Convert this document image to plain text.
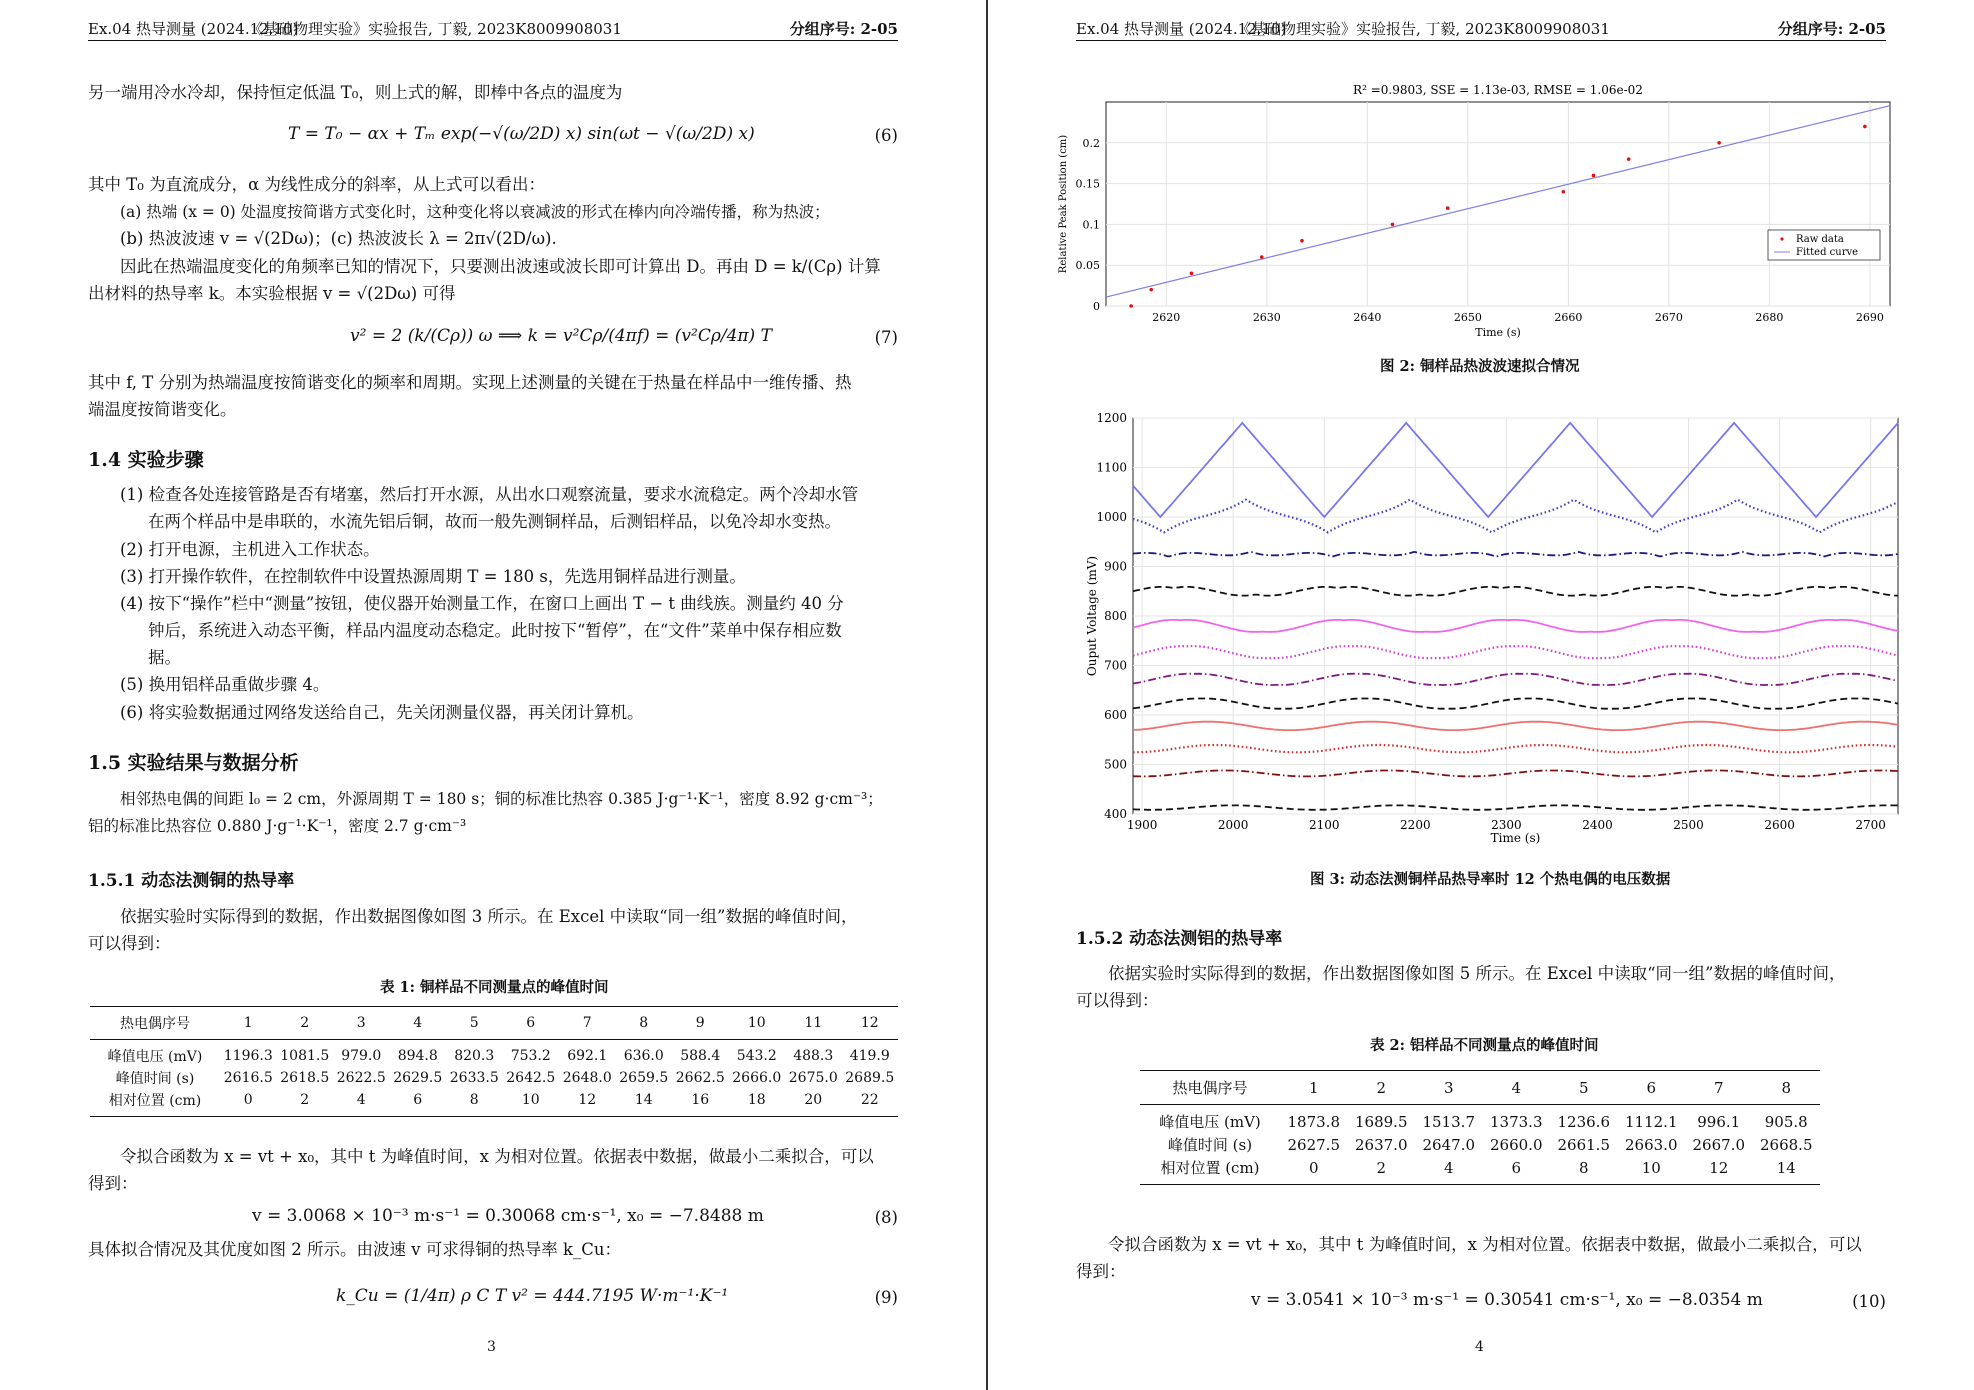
Ex.04 热导测量 (2024.12.10)
《基础物理实验》实验报告, 丁毅, 2023K8009908031	分组序号: 2-05
另一端用冷水冷却，保持恒定低温 T₀，则上式的解，即棒中各点的温度为
T = T₀ − αx + Tₘ exp(−√(ω/2D) x) sin(ωt − √(ω/2D) x)	(6)
其中 T₀ 为直流成分，α 为线性成分的斜率，从上式可以看出：
(a) 热端 (x = 0) 处温度按简谐方式变化时，这种变化将以衰减波的形式在棒内向冷端传播，称为热波；
(b) 热波波速 v = √(2Dω)；(c) 热波波长 λ = 2π√(2D/ω).
因此在热端温度变化的角频率已知的情况下，只要测出波速或波长即可计算出 D。再由 D = k/(Cρ) 计算
出材料的热导率 k。本实验根据 v = √(2Dω) 可得
v² = 2 (k/(Cρ)) ω ⟹ k = v²Cρ/(4πf) = (v²Cρ/4π) T	(7)
其中 f, T 分别为热端温度按简谐变化的频率和周期。实现上述测量的关键在于热量在样品中一维传播、热
端温度按简谐变化。
1.4 实验步骤
(1) 检查各处连接管路是否有堵塞，然后打开水源，从出水口观察流量，要求水流稳定。两个冷却水管
在两个样品中是串联的，水流先铝后铜，故而一般先测铜样品，后测铝样品，以免冷却水变热。
(2) 打开电源，主机进入工作状态。
(3) 打开操作软件，在控制软件中设置热源周期 T = 180 s，先选用铜样品进行测量。
(4) 按下“操作”栏中“测量”按钮，使仪器开始测量工作，在窗口上画出 T − t 曲线族。测量约 40 分
钟后，系统进入动态平衡，样品内温度动态稳定。此时按下“暂停”，在“文件”菜单中保存相应数
据。
(5) 换用铝样品重做步骤 4。
(6) 将实验数据通过网络发送给自己，先关闭测量仪器，再关闭计算机。
1.5 实验结果与数据分析
相邻热电偶的间距 l₀ = 2 cm，外源周期 T = 180 s；铜的标准比热容 0.385 J·g⁻¹·K⁻¹，密度 8.92 g·cm⁻³；
铝的标准比热容位 0.880 J·g⁻¹·K⁻¹，密度 2.7 g·cm⁻³
1.5.1 动态法测铜的热导率
依据实验时实际得到的数据，作出数据图像如图 3 所示。在 Excel 中读取“同一组”数据的峰值时间，
可以得到：
表 1: 铜样品不同测量点的峰值时间
热电偶序号	1	2	3	4	5	6	7	8	9	10	11	12
峰值电压 (mV)	1196.3	1081.5	979.0	894.8	820.3	753.2	692.1	636.0	588.4	543.2	488.3	419.9
峰值时间 (s)	2616.5	2618.5	2622.5	2629.5	2633.5	2642.5	2648.0	2659.5	2662.5	2666.0	2675.0	2689.5
相对位置 (cm)	0	2	4	6	8	10	12	14	16	18	20	22
令拟合函数为 x = vt + x₀，其中 t 为峰值时间，x 为相对位置。依据表中数据，做最小二乘拟合，可以
得到：
v = 3.0068 × 10⁻³ m·s⁻¹ = 0.30068 cm·s⁻¹, x₀ = −7.8488 m	(8)
具体拟合情况及其优度如图 2 所示。由波速 v 可求得铜的热导率 k_Cu：
k_Cu = (1/4π) ρ C T v² = 444.7195 W·m⁻¹·K⁻¹	(9)
3
Ex.04 热导测量 (2024.12.10)
《基础物理实验》实验报告, 丁毅, 2023K8009908031	分组序号: 2-05
2620	2630	2640	2650	2660	2670	2680	2690
0
0.05
0.1
0.15
0.2
R² =0.9803, SSE = 1.13e-03, RMSE = 1.06e-02
Time (s)
Relative Peak Position (cm)	Raw data
Fitted curve
图 2: 铜样品热波波速拟合情况
1900	2000	2100	2200	2300	2400	2500	2600	2700
400
500
600
700
800
900
1000
1100
1200
Time (s)
Ouput Voltage (mV)
图 3: 动态法测铜样品热导率时 12 个热电偶的电压数据
1.5.2 动态法测铝的热导率
依据实验时实际得到的数据，作出数据图像如图 5 所示。在 Excel 中读取“同一组”数据的峰值时间，
可以得到：
表 2: 铝样品不同测量点的峰值时间
热电偶序号	1	2	3	4	5	6	7	8
峰值电压 (mV)	1873.8	1689.5	1513.7	1373.3	1236.6	1112.1	996.1	905.8
峰值时间 (s)	2627.5	2637.0	2647.0	2660.0	2661.5	2663.0	2667.0	2668.5
相对位置 (cm)	0	2	4	6	8	10	12	14
令拟合函数为 x = vt + x₀，其中 t 为峰值时间，x 为相对位置。依据表中数据，做最小二乘拟合，可以
得到：
v = 3.0541 × 10⁻³ m·s⁻¹ = 0.30541 cm·s⁻¹, x₀ = −8.0354 m	(10)
4
